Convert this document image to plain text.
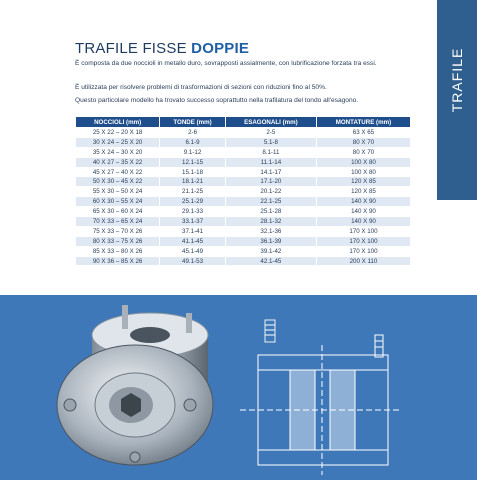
TRAFILE
TRAFILE FISSE DOPPIE
È composta da due noccioli in metallo duro, sovrapposti assialmente, con lubrificazione forzata tra essi.
È utilizzata per risolvere problemi di trasformazioni di sezioni con riduzioni fino al 50%.
Questo particolare modello ha trovato successo soprattutto nella trafilatura del tondo all'esagono.
NOCCIOLI (mm)	TONDE (mm)	ESAGONALI (mm)	MONTATURE (mm)
25 X 22 – 20 X 18	2-6	2-5	63 X 65
30 X 24 – 25 X 20	6.1-9	5.1-8	80 X 70
35 X 24 – 30 X 20	9.1-12	8.1-11	80 X 70
40 X 27 – 35 X 22	12.1-15	11.1-14	100 X 80
45 X 27 – 40 X 22	15.1-18	14.1-17	100 X 80
50 X 30 – 45 X 22	18.1-21	17.1-20	120 X 85
55 X 30 – 50 X 24	21.1-25	20.1-22	120 X 85
60 X 30 – 55 X 24	25.1-29	22.1-25	140 X 90
65 X 30 – 60 X 24	29.1-33	25.1-28	140 X 90
70 X 33 – 65 X 24	33.1-37	28.1-32	140 X 90
75 X 33 – 70 X 26	37.1-41	32.1-36	170 X 100
80 X 33 – 75 X 26	41.1-45	36.1-39	170 X 100
85 X 33 – 80 X 26	45.1-49	39.1-42	170 X 100
90 X 36 – 85 X 26	49.1-53	42.1-45	200 X 110
